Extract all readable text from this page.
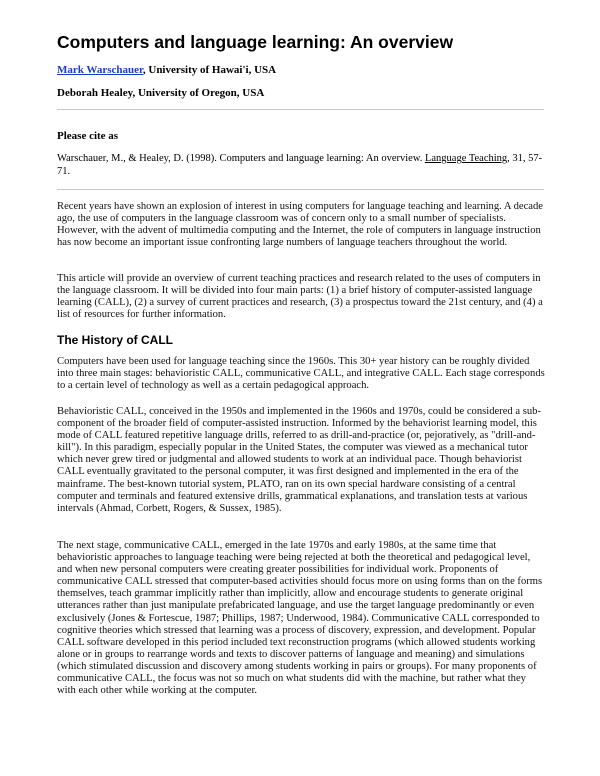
Computers and language learning: An overview
Mark Warschauer, University of Hawai'i, USA
Deborah Healey, University of Oregon, USA
Please cite as

Warschauer, M., & Healey, D. (1998). Computers and language learning: An overview. Language Teaching, 31, 57-71.

Recent years have shown an explosion of interest in using computers for language teaching and learning. A decade ago, the use of computers in the language classroom was of concern only to a small number of specialists. However, with the advent of multimedia computing and the Internet, the role of computers in language instruction has now become an important issue confronting large numbers of language teachers throughout the world.

This article will provide an overview of current teaching practices and research related to the uses of computers in the language classroom. It will be divided into four main parts: (1) a brief history of computer-assisted language learning (CALL), (2) a survey of current practices and research, (3) a prospectus toward the 21st century, and (4) a list of resources for further information.

The History of CALL

Computers have been used for language teaching since the 1960s. This 30+ year history can be roughly divided into three main stages: behavioristic CALL, communicative CALL, and integrative CALL. Each stage corresponds to a certain level of technology as well as a certain pedagogical approach.

Behavioristic CALL, conceived in the 1950s and implemented in the 1960s and 1970s, could be considered a sub-component of the broader field of computer-assisted instruction. Informed by the behaviorist learning model, this mode of CALL featured repetitive language drills, referred to as drill-and-practice (or, pejoratively, as "drill-and-kill"). In this paradigm, especially popular in the United States, the computer was viewed as a mechanical tutor which never grew tired or judgmental and allowed students to work at an individual pace. Though behaviorist CALL eventually gravitated to the personal computer, it was first designed and implemented in the era of the mainframe. The best-known tutorial system, PLATO, ran on its own special hardware consisting of a central computer and terminals and featured extensive drills, grammatical explanations, and translation tests at various intervals (Ahmad, Corbett, Rogers, & Sussex, 1985).

The next stage, communicative CALL, emerged in the late 1970s and early 1980s, at the same time that behavioristic approaches to language teaching were being rejected at both the theoretical and pedagogical level, and when new personal computers were creating greater possibilities for individual work. Proponents of communicative CALL stressed that computer-based activities should focus more on using forms than on the forms themselves, teach grammar implicitly rather than implicitly, allow and encourage students to generate original utterances rather than just manipulate prefabricated language, and use the target language predominantly or even exclusively (Jones & Fortescue, 1987; Phillips, 1987; Underwood, 1984). Communicative CALL corresponded to cognitive theories which stressed that learning was a process of discovery, expression, and development. Popular CALL software developed in this period included text reconstruction programs (which allowed students working alone or in groups to rearrange words and texts to discover patterns of language and meaning) and simulations (which stimulated discussion and discovery among students working in pairs or groups). For many proponents of communicative CALL, the focus was not so much on what students did with the machine, but rather what they with each other while working at the computer.
